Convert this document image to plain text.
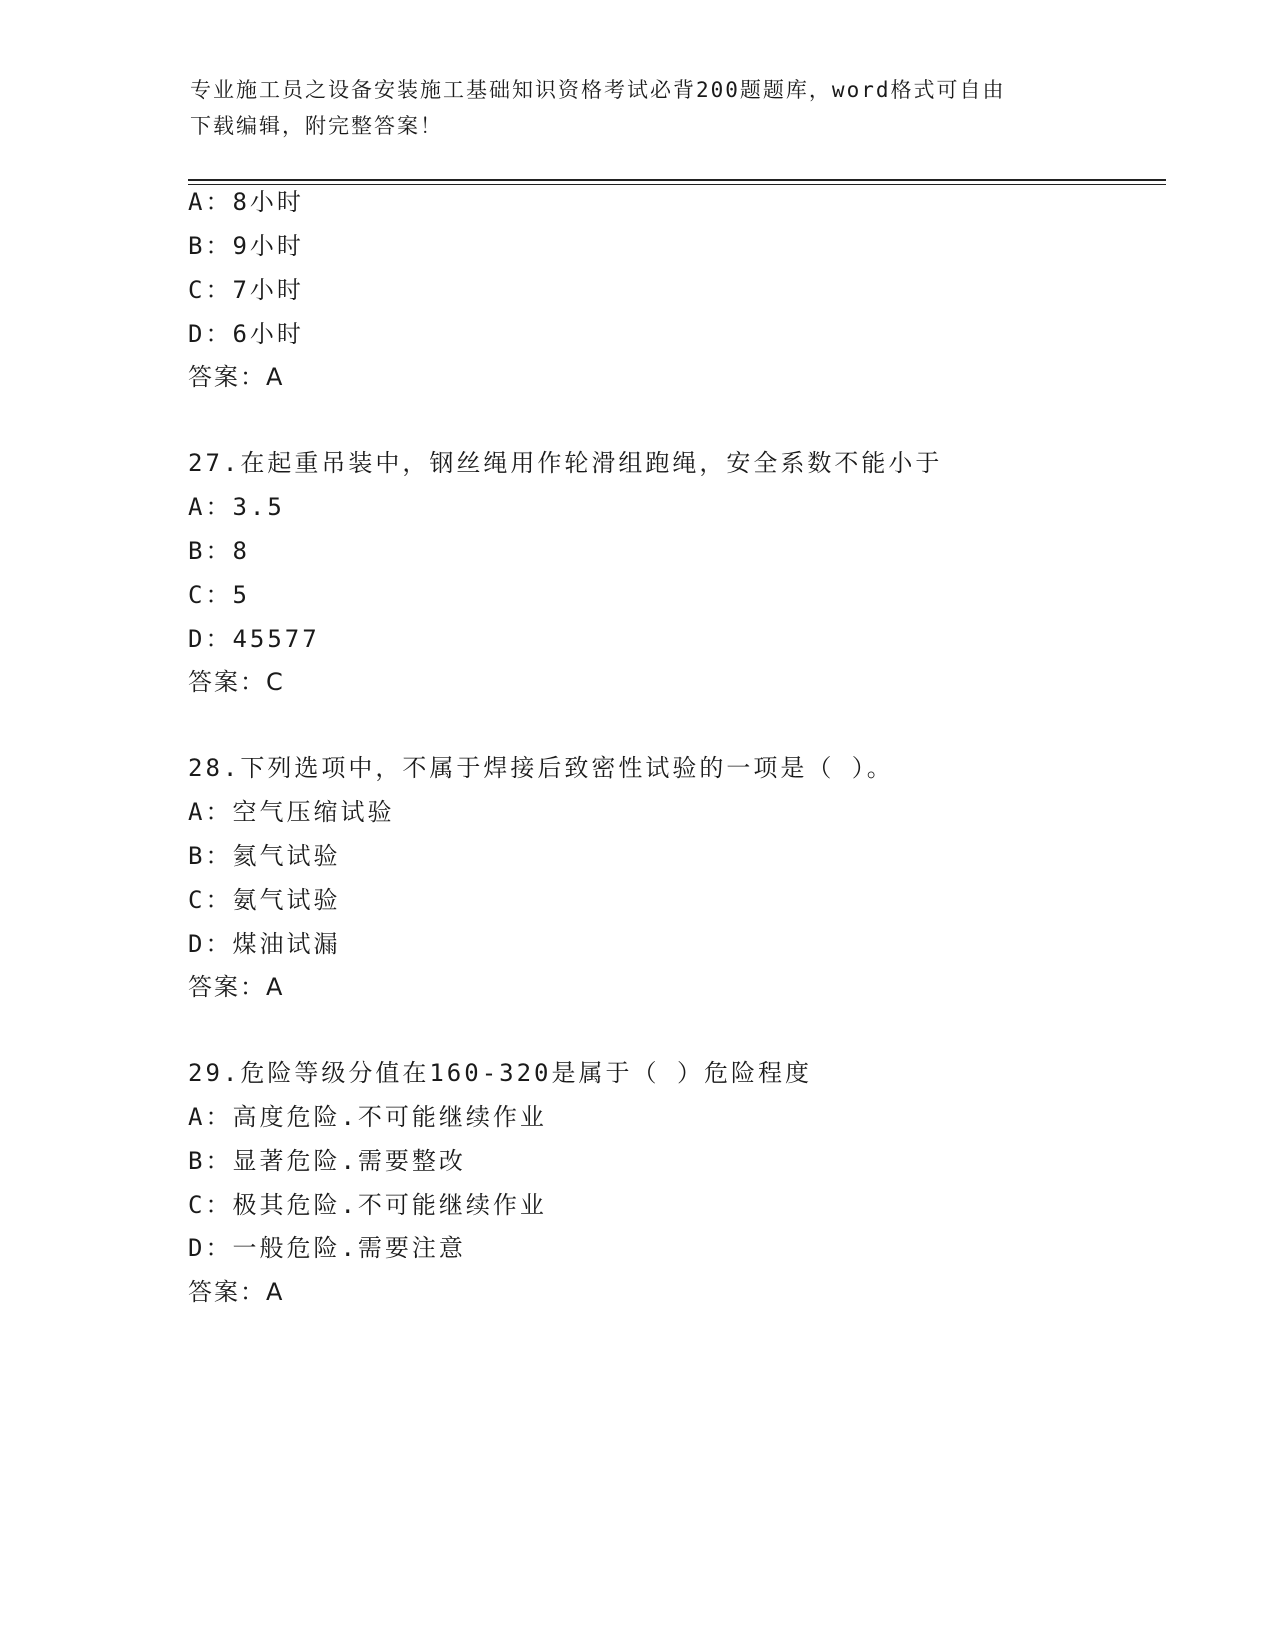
专业施工员之设备安装施工基础知识资格考试必背200题题库，word格式可自由
下载编辑，附完整答案！
A：8小时
B：9小时
C：7小时
D：6小时
答案：A
27.在起重吊装中，钢丝绳用作轮滑组跑绳，安全系数不能小于
A：3.5
B：8
C：5
D：45577
答案：C
28.下列选项中，不属于焊接后致密性试验的一项是（ ）。
A：空气压缩试验
B：氦气试验
C：氨气试验
D：煤油试漏
答案：A
29.危险等级分值在160-320是属于（ ）危险程度
A：高度危险.不可能继续作业
B：显著危险.需要整改
C：极其危险.不可能继续作业
D：一般危险.需要注意
答案：A
